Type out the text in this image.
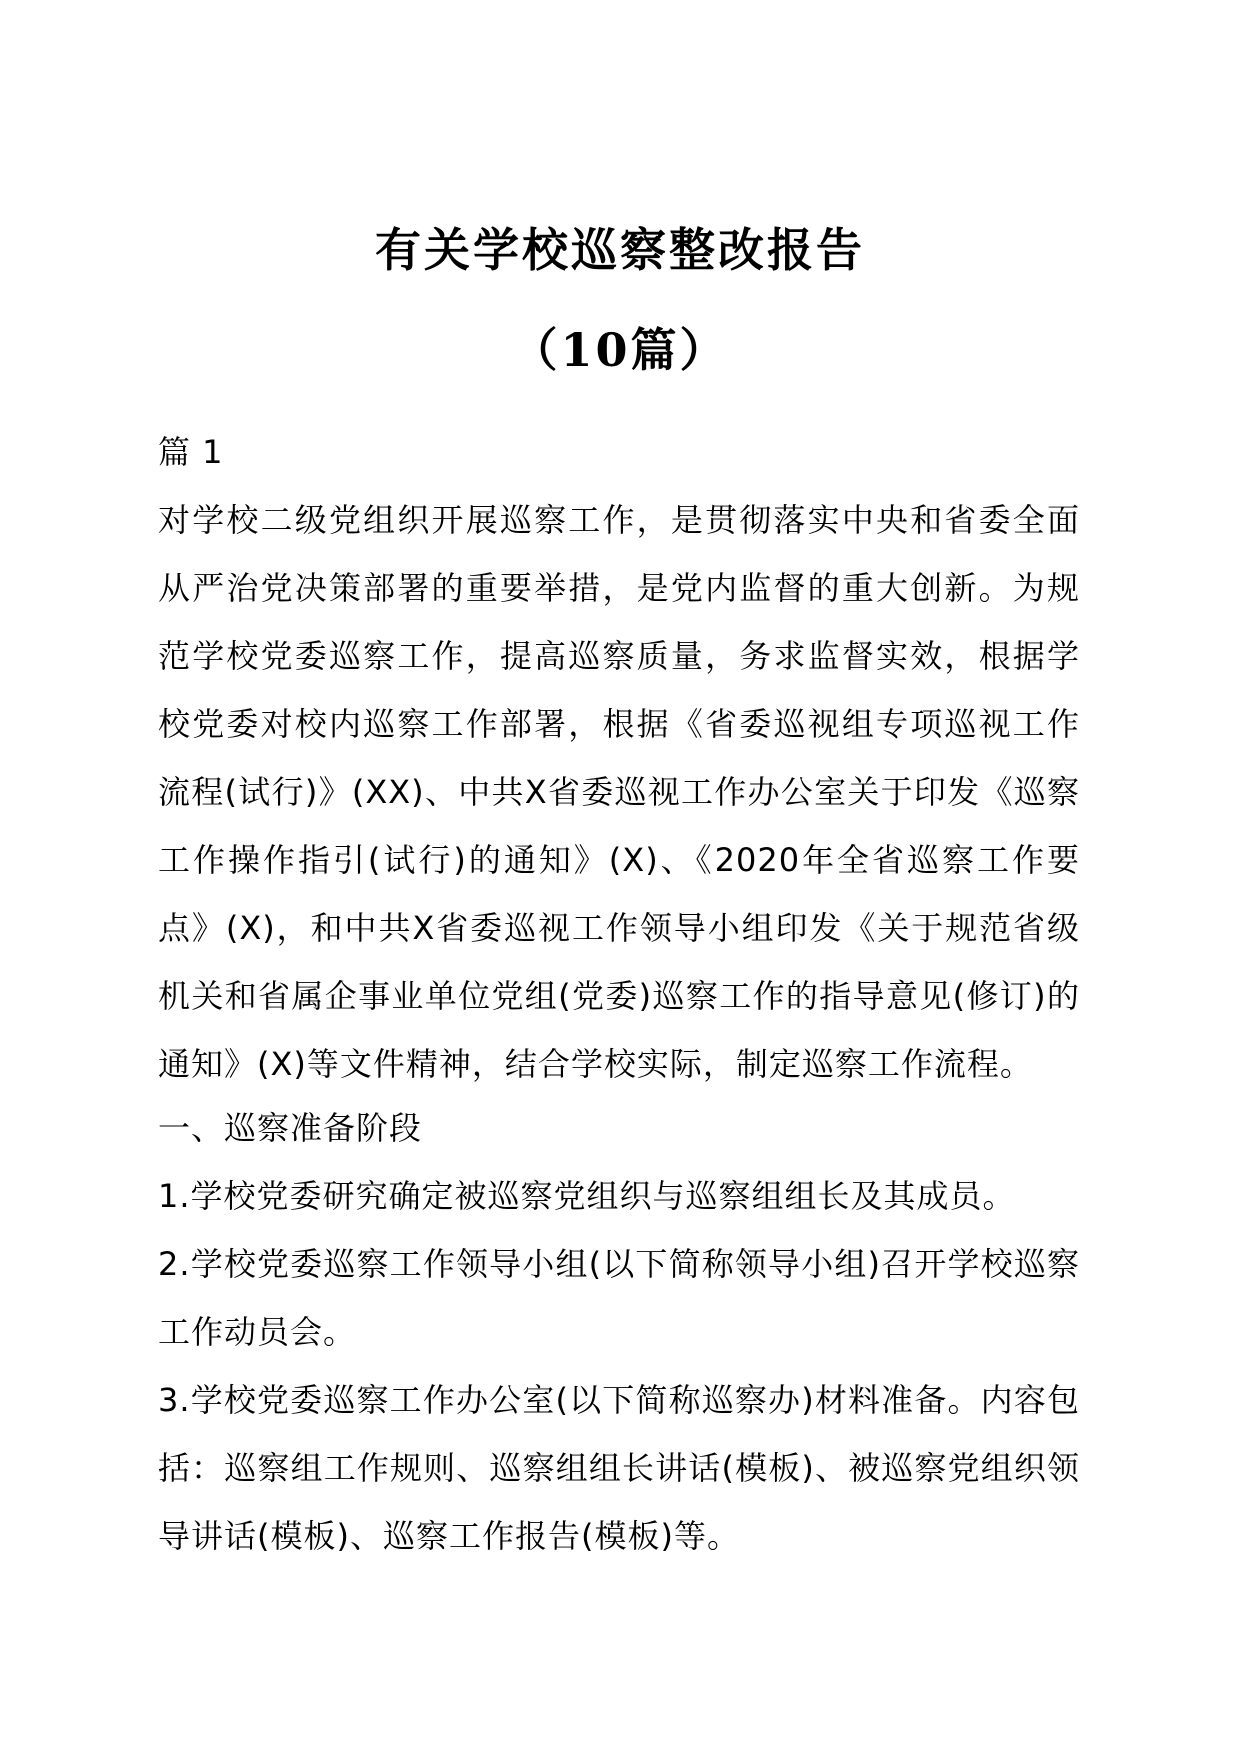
有关学校巡察整改报告
（10篇）
篇 1
对学校二级党组织开展巡察工作，是贯彻落实中央和省委全面从严治党决策部署的重要举措，是党内监督的重大创新。为规范学校党委巡察工作，提高巡察质量，务求监督实效，根据学校党委对校内巡察工作部署，根据《省委巡视组专项巡视工作流程(试行)》(XX)、中共X省委巡视工作办公室关于印发《巡察工作操作指引(试行)的通知》(X)、《2020年全省巡察工作要点》(X)，和中共X省委巡视工作领导小组印发《关于规范省级机关和省属企事业单位党组(党委)巡察工作的指导意见(修订)的通知》(X)等文件精神，结合学校实际，制定巡察工作流程。
一、巡察准备阶段
1.学校党委研究确定被巡察党组织与巡察组组长及其成员。
2.学校党委巡察工作领导小组(以下简称领导小组)召开学校巡察工作动员会。
3.学校党委巡察工作办公室(以下简称巡察办)材料准备。内容包括：巡察组工作规则、巡察组组长讲话(模板)、被巡察党组织领导讲话(模板)、巡察工作报告(模板)等。
